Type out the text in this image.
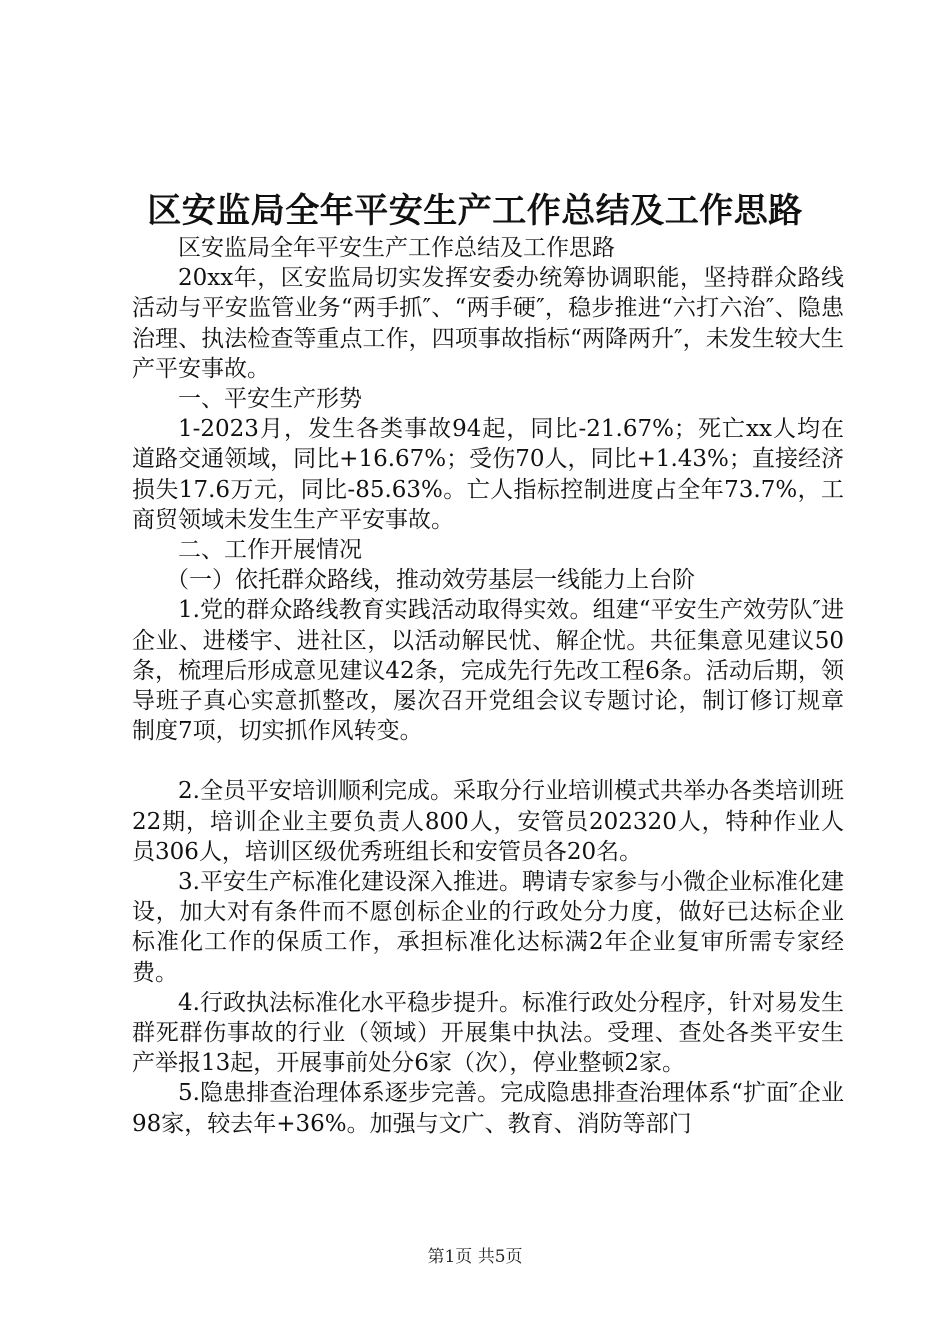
区安监局全年平安生产工作总结及工作思路

区安监局全年平安生产工作总结及工作思路

20xx年，区安监局切实发挥安委办统筹协调职能，坚持群众路线活动与平安监管业务“两手抓″、“两手硬″，稳步推进“六打六治″、隐患治理、执法检查等重点工作，四项事故指标“两降两升″，未发生较大生产平安事故。

一、平安生产形势

1-2023月，发生各类事故94起，同比-21.67%；死亡xx人均在道路交通领域，同比+16.67%；受伤70人，同比+1.43%；直接经济损失17.6万元，同比-85.63%。亡人指标控制进度占全年73.7%，工商贸领域未发生生产平安事故。

二、工作开展情况

（一）依托群众路线，推动效劳基层一线能力上台阶

1.党的群众路线教育实践活动取得实效。组建“平安生产效劳队″进企业、进楼宇、进社区，以活动解民忧、解企忧。共征集意见建议50条，梳理后形成意见建议42条，完成先行先改工程6条。活动后期，领导班子真心实意抓整改，屡次召开党组会议专题讨论，制订修订规章制度7项，切实抓作风转变。

2.全员平安培训顺利完成。采取分行业培训模式共举办各类培训班22期，培训企业主要负责人800人，安管员202320人，特种作业人员306人，培训区级优秀班组长和安管员各20名。

3.平安生产标准化建设深入推进。聘请专家参与小微企业标准化建设，加大对有条件而不愿创标企业的行政处分力度，做好已达标企业标准化工作的保质工作，承担标准化达标满2年企业复审所需专家经费。

4.行政执法标准化水平稳步提升。标准行政处分程序，针对易发生群死群伤事故的行业（领域）开展集中执法。受理、查处各类平安生产举报13起，开展事前处分6家（次），停业整顿2家。

5.隐患排查治理体系逐步完善。完成隐患排查治理体系“扩面″企业98家，较去年+36%。加强与文广、教育、消防等部门

第1页 共5页
